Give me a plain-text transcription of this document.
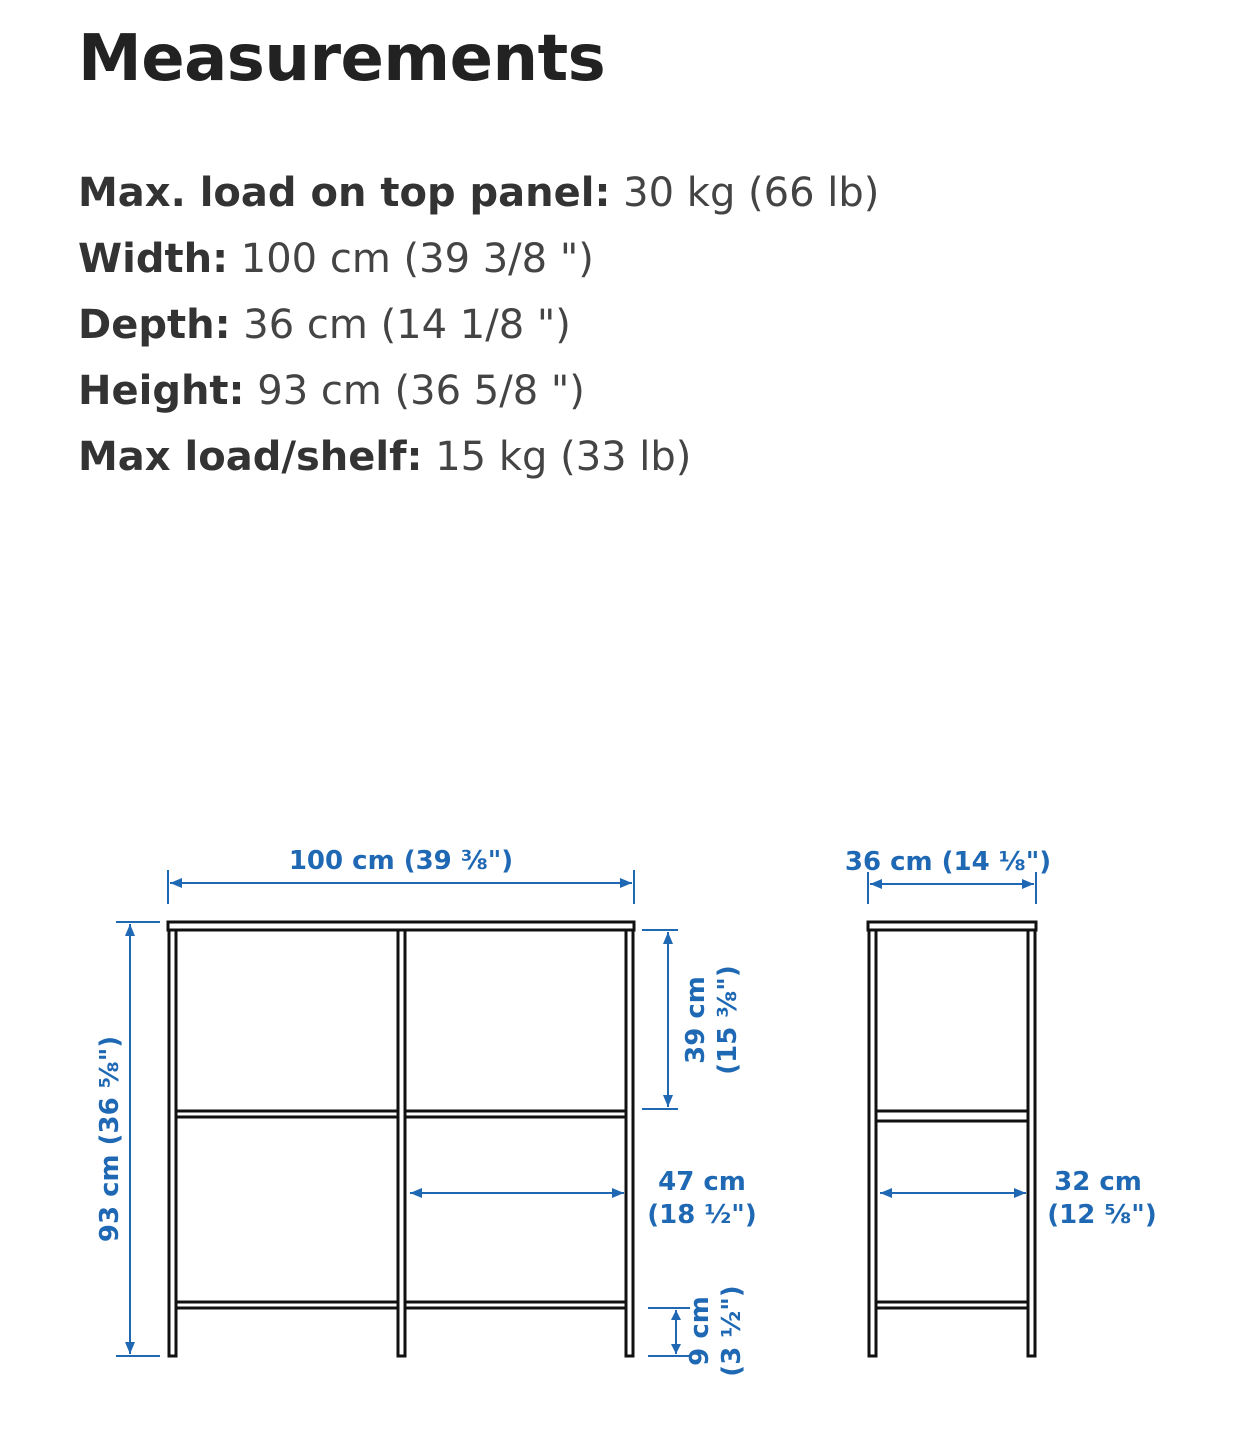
Measurements
Max. load on top panel: 30 kg (66 lb)
Width: 100 cm (39 3/8 ")
Depth: 36 cm (14 1/8 ")
Height: 93 cm (36 5/8 ")
Max load/shelf: 15 kg (33 lb)
100 cm (39 ⅜")
93 cm (36 ⅝")
39 cm (15 ⅜")
47 cm
(18 ½")
9 cm (3 ½")
36 cm (14 ⅛")
32 cm
(12 ⅝")
